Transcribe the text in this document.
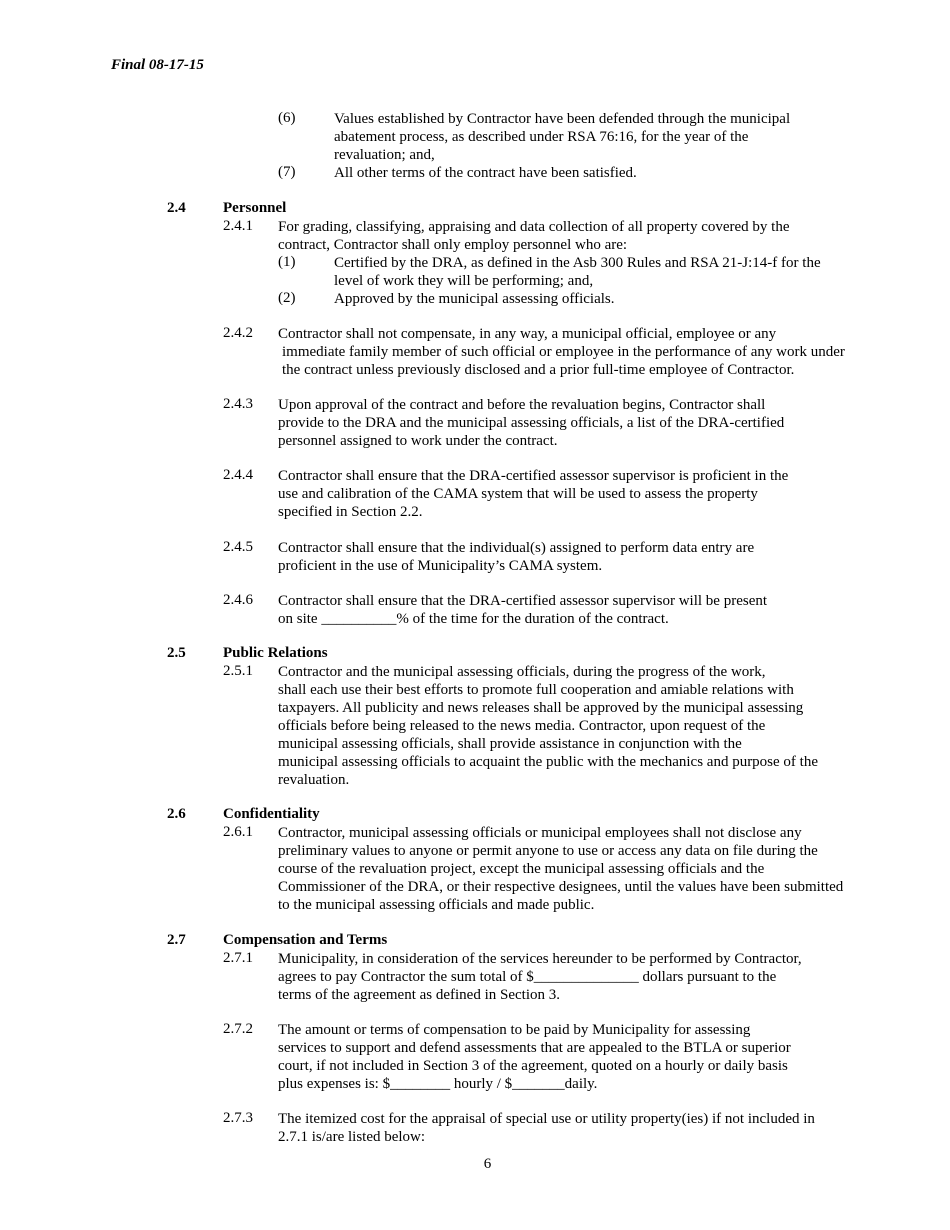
Final 08-17-15
(6)	Values established by Contractor have been defended through the municipal
abatement process, as described under RSA 76:16, for the year of the
revaluation; and,
(7)	All other terms of the contract have been satisfied.
2.4 Personnel
2.4.1 For grading, classifying, appraising and data collection of all property covered by the
contract, Contractor shall only employ personnel who are:
(1)	Certified by the DRA, as defined in the Asb 300 Rules and RSA 21-J:14-f for the
level of work they will be performing; and,
(2)	Approved by the municipal assessing officials.
2.4.2 Contractor shall not compensate, in any way, a municipal official, employee or any
immediate family member of such official or employee in the performance of any work under
the contract unless previously disclosed and a prior full-time employee of Contractor.
2.4.3 Upon approval of the contract and before the revaluation begins, Contractor shall
provide to the DRA and the municipal assessing officials, a list of the DRA-certified
personnel assigned to work under the contract.
2.4.4 Contractor shall ensure that the DRA-certified assessor supervisor is proficient in the
use and calibration of the CAMA system that will be used to assess the property
specified in Section 2.2.
2.4.5 Contractor shall ensure that the individual(s) assigned to perform data entry are
proficient in the use of Municipality’s CAMA system.
2.4.6 Contractor shall ensure that the DRA-certified assessor supervisor will be present
on site __________% of the time for the duration of the contract.
2.5 Public Relations
2.5.1 Contractor and the municipal assessing officials, during the progress of the work,
shall each use their best efforts to promote full cooperation and amiable relations with
taxpayers. All publicity and news releases shall be approved by the municipal assessing
officials before being released to the news media. Contractor, upon request of the
municipal assessing officials, shall provide assistance in conjunction with the
municipal assessing officials to acquaint the public with the mechanics and purpose of the
revaluation.
2.6 Confidentiality
2.6.1 Contractor, municipal assessing officials or municipal employees shall not disclose any
preliminary values to anyone or permit anyone to use or access any data on file during the
course of the revaluation project, except the municipal assessing officials and the
Commissioner of the DRA, or their respective designees, until the values have been submitted
to the municipal assessing officials and made public.
2.7 Compensation and Terms
2.7.1 Municipality, in consideration of the services hereunder to be performed by Contractor,
agrees to pay Contractor the sum total of $______________ dollars pursuant to the
terms of the agreement as defined in Section 3.
2.7.2 The amount or terms of compensation to be paid by Municipality for assessing
services to support and defend assessments that are appealed to the BTLA or superior
court, if not included in Section 3 of the agreement, quoted on a hourly or daily basis
plus expenses is: $________ hourly / $_______daily.
2.7.3 The itemized cost for the appraisal of special use or utility property(ies) if not included in
2.7.1 is/are listed below:
6
